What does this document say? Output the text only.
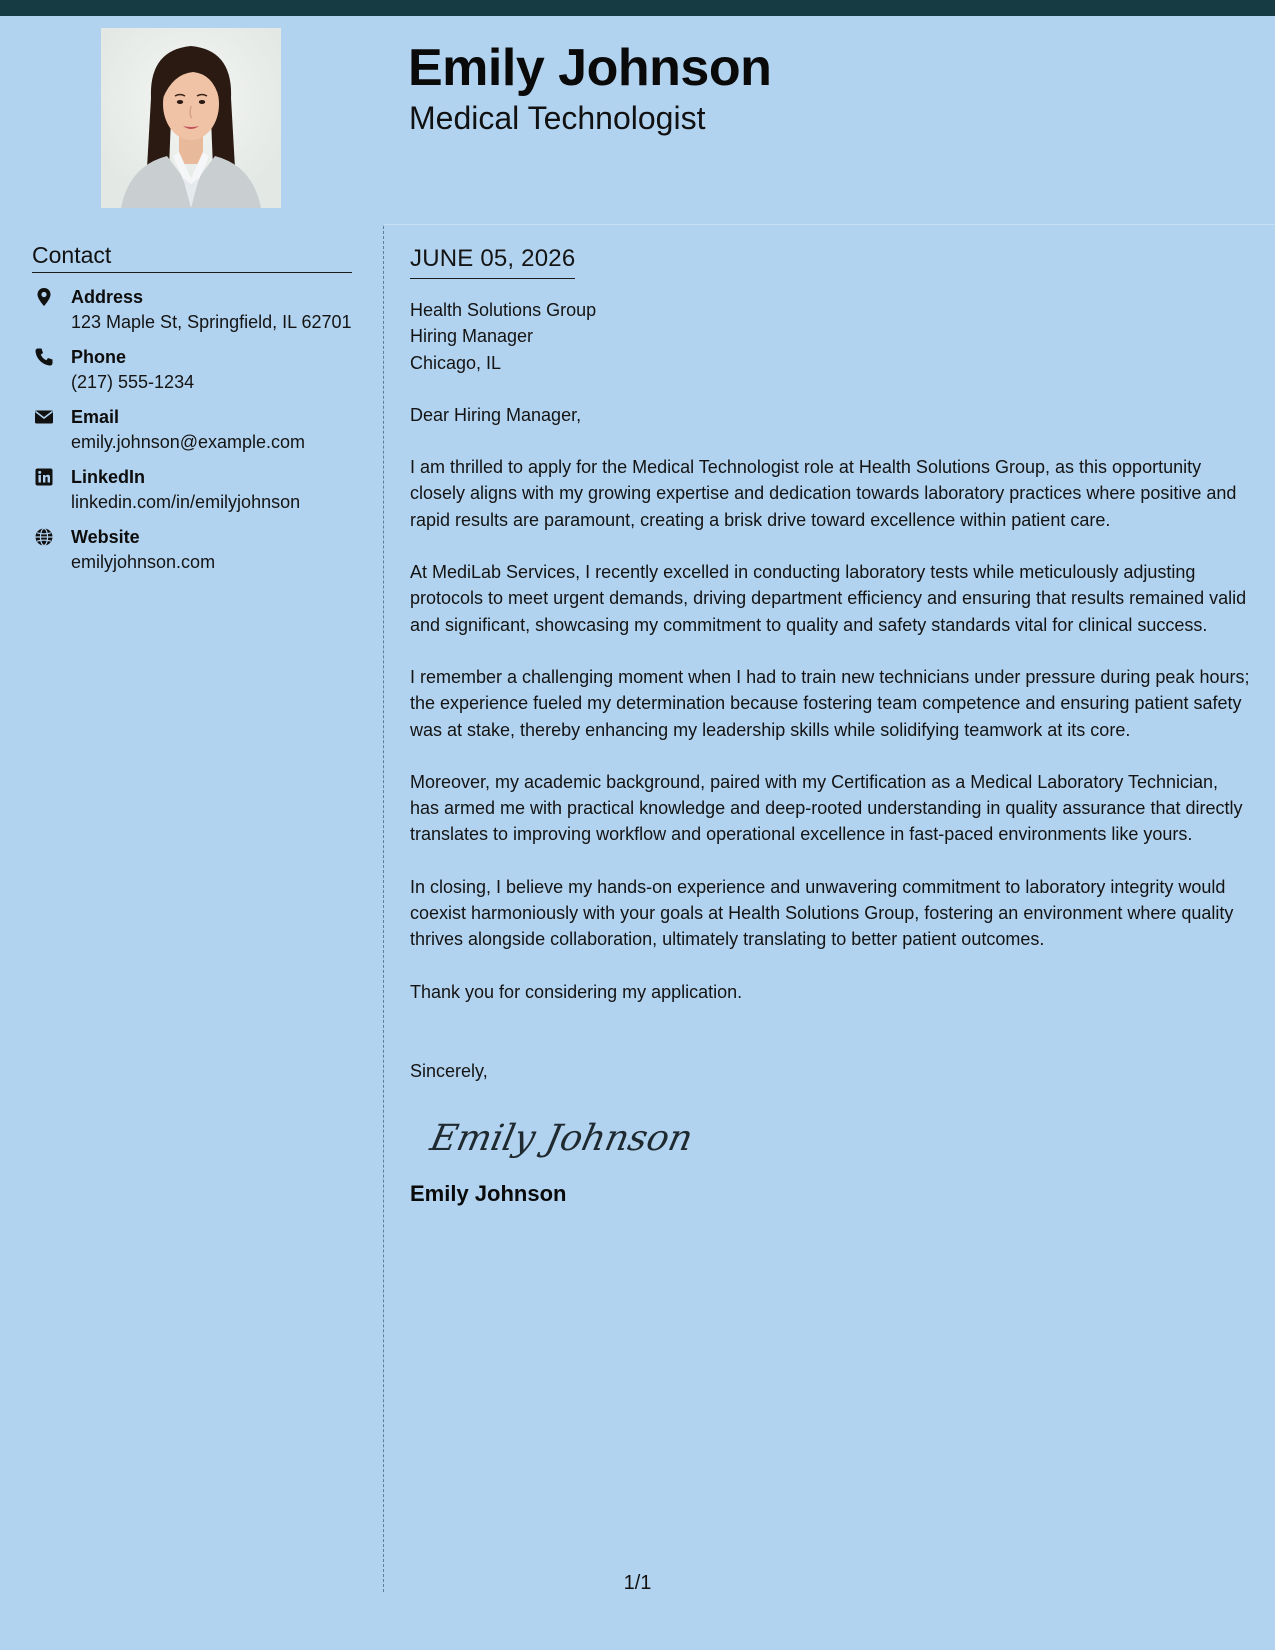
Emily Johnson
Medical Technologist
Contact
Address
123 Maple St, Springfield, IL 62701
Phone
(217) 555-1234
Email
emily.johnson@example.com
LinkedIn
linkedin.com/in/emilyjohnson
Website
emilyjohnson.com
JUNE 05, 2026
Health Solutions Group
Hiring Manager
Chicago, IL
Dear Hiring Manager,

I am thrilled to apply for the Medical Technologist role at Health Solutions Group, as this opportunity closely aligns with my growing expertise and dedication towards laboratory practices where positive and rapid results are paramount, creating a brisk drive toward excellence within patient care.

At MediLab Services, I recently excelled in conducting laboratory tests while meticulously adjusting protocols to meet urgent demands, driving department efficiency and ensuring that results remained valid and significant, showcasing my commitment to quality and safety standards vital for clinical success.

I remember a challenging moment when I had to train new technicians under pressure during peak hours; the experience fueled my determination because fostering team competence and ensuring patient safety was at stake, thereby enhancing my leadership skills while solidifying teamwork at its core.

Moreover, my academic background, paired with my Certification as a Medical Laboratory Technician, has armed me with practical knowledge and deep-rooted understanding in quality assurance that directly translates to improving workflow and operational excellence in fast-paced environments like yours.

In closing, I believe my hands-on experience and unwavering commitment to laboratory integrity would coexist harmoniously with your goals at Health Solutions Group, fostering an environment where quality thrives alongside collaboration, ultimately translating to better patient outcomes.

Thank you for considering my application.
Sincerely,
Emily Johnson
Emily Johnson
1/1
